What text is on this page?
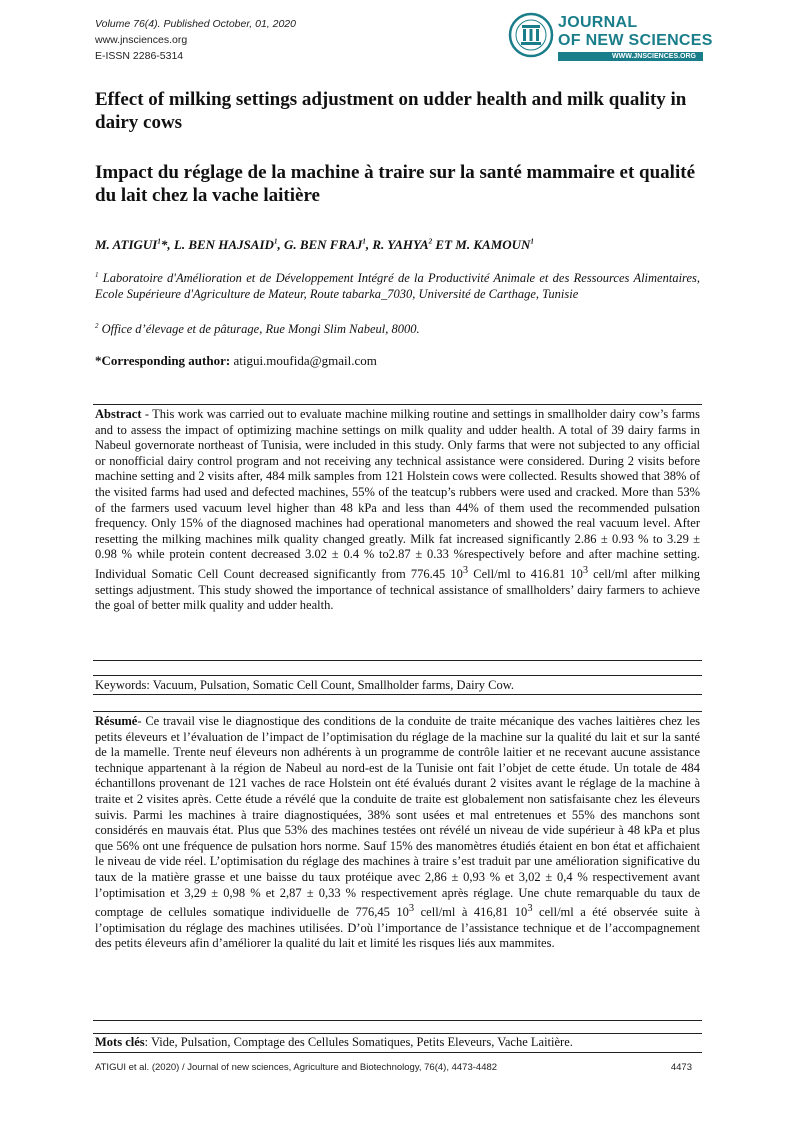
Volume 76(4). Published October, 01, 2020
www.jnsciences.org
E-ISSN 2286-5314
JOURNAL
OF NEW SCIENCES
WWW.JNSCIENCES.ORG
Effect of milking settings adjustment on udder health and milk quality in dairy cows
Impact du réglage de la machine à traire sur la santé mammaire et qualité du lait chez la vache laitière
M. ATIGUI$^1$*, L. BEN HAJSAID$^1$, G. BEN FRAJ$^1$, R. YAHYA$^2$ ET M. KAMOUN$^1$
$^1$ Laboratoire d'Amélioration et de Développement Intégré de la Productivité Animale et des Ressources Alimentaires, Ecole Supérieure d'Agriculture de Mateur, Route tabarka_7030, Université de Carthage, Tunisie
$^2$ Office d’élevage et de pâturage, Rue Mongi Slim Nabeul, 8000.
*Corresponding author: atigui.moufida@gmail.com

Abstract - This work was carried out to evaluate machine milking routine and settings in smallholder dairy cow’s farms and to assess the impact of optimizing machine settings on milk quality and udder health. A total of 39 dairy farms in Nabeul governorate northeast of Tunisia, were included in this study. Only farms that were not subjected to any official or nonofficial dairy control program and not receiving any technical assistance were considered. During 2 visits before machine setting and 2 visits after, 484 milk samples from 121 Holstein cows were collected. Results showed that 38% of the visited farms had used and defected machines, 55% of the teatcup’s rubbers were used and cracked. More than 53% of the farmers used vacuum level higher than 48 kPa and less than 44% of them used the recommended pulsation frequency. Only 15% of the diagnosed machines had operational manometers and showed the real vacuum level. After resetting the milking machines milk quality changed greatly. Milk fat increased significantly 2.86 ± 0.93 % to 3.29 ± 0.98 % while protein content decreased 3.02 ± 0.4 % to2.87 ± 0.33 %respectively before and after machine setting. Individual Somatic Cell Count decreased significantly from 776.45 $10^3$ Cell/ml to 416.81 $10^3$ cell/ml after milking settings adjustment. This study showed the importance of technical assistance of smallholders’ dairy farmers to achieve the goal of better milk quality and udder health.

Keywords: Vacuum, Pulsation, Somatic Cell Count, Smallholder farms, Dairy Cow.

Résumé- Ce travail vise le diagnostique des conditions de la conduite de traite mécanique des vaches laitières chez les petits éleveurs et l’évaluation de l’impact de l’optimisation du réglage de la machine sur la qualité du lait et sur la santé de la mamelle. Trente neuf éleveurs non adhérents à un programme de contrôle laitier et ne recevant aucune assistance technique appartenant à la région de Nabeul au nord-est de la Tunisie ont fait l’objet de cette étude. Un totale de 484 échantillons provenant de 121 vaches de race Holstein ont été évalués durant 2 visites avant le réglage de la machine à traite et 2 visites après. Cette étude a révélé que la conduite de traite est globalement non satisfaisante chez les éleveurs suivis. Parmi les machines à traire diagnostiquées, 38% sont usées et mal entretenues et 55% des manchons sont considérés en mauvais état. Plus que 53% des machines testées ont révélé un niveau de vide supérieur à 48 kPa et plus que 56% ont une fréquence de pulsation hors norme. Sauf 15% des manomètres étudiés étaient en bon état et affichaient le niveau de vide réel. L’optimisation du réglage des machines à traire s’est traduit par une amélioration significative du taux de la matière grasse et une baisse du taux protéique avec 2,86 ± 0,93 % et 3,02 ± 0,4 % respectivement avant l’optimisation et 3,29 ± 0,98 % et 2,87 ± 0,33 % respectivement après réglage. Une chute remarquable du taux de comptage de cellules somatique individuelle de 776,45 $10^3$ cell/ml à 416,81 $10^3$ cell/ml a été observée suite à l’optimisation du réglage des machines utilisées. D’où l’importance de l’assistance technique et de l’accompagnement des petits éleveurs afin d’améliorer la qualité du lait et limité les risques liés aux mammites.

Mots clés: Vide, Pulsation, Comptage des Cellules Somatiques, Petits Eleveurs, Vache Laitière.

ATIGUI et al. (2020) / Journal of new sciences, Agriculture and Biotechnology, 76(4), 4473-4482	4473
